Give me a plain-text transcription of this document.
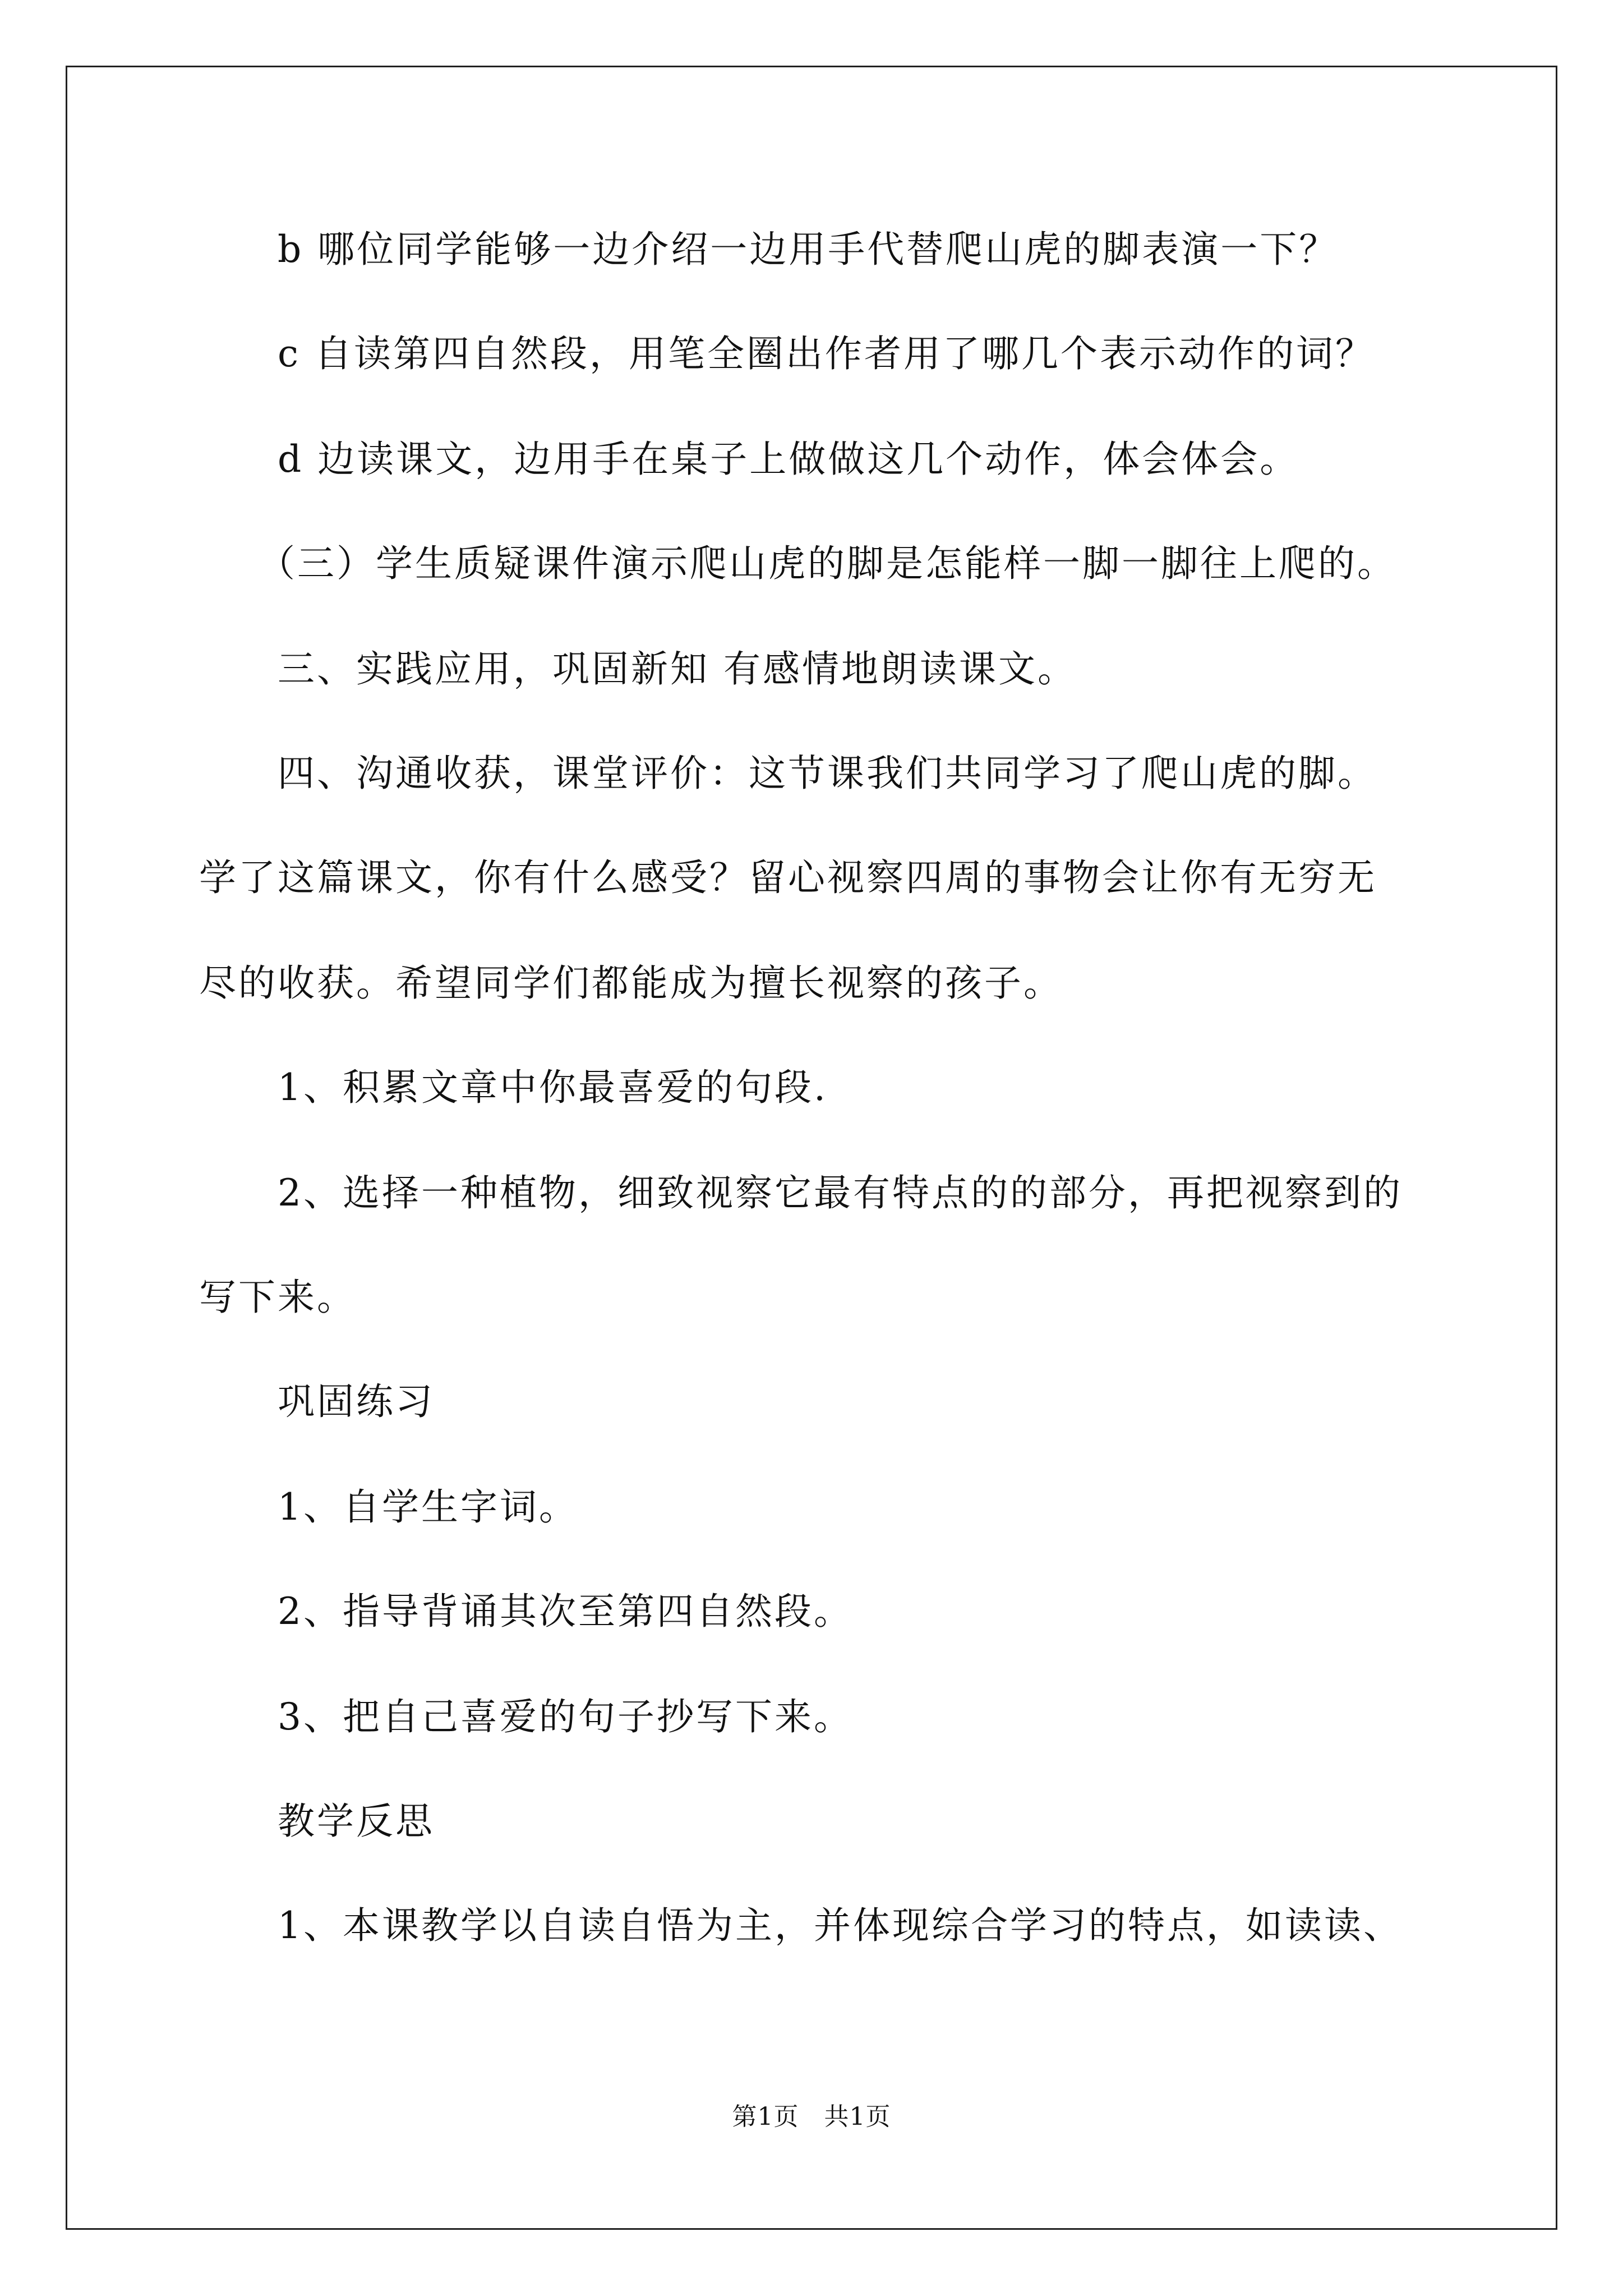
b 哪位同学能够一边介绍一边用手代替爬山虎的脚表演一下？
c 自读第四自然段，用笔全圈出作者用了哪几个表示动作的词？
d 边读课文，边用手在桌子上做做这几个动作，体会体会。
（三）学生质疑课件演示爬山虎的脚是怎能样一脚一脚往上爬的。
三、实践应用，巩固新知 有感情地朗读课文。
四、沟通收获，课堂评价：这节课我们共同学习了爬山虎的脚。
学了这篇课文，你有什么感受？留心视察四周的事物会让你有无穷无
尽的收获。希望同学们都能成为擅长视察的孩子。
1、积累文章中你最喜爱的句段.
2、选择一种植物，细致视察它最有特点的的部分，再把视察到的
写下来。
巩固练习
1、自学生字词。
2、指导背诵其次至第四自然段。
3、把自己喜爱的句子抄写下来。
教学反思
1、本课教学以自读自悟为主，并体现综合学习的特点，如读读、
第1页　共1页
